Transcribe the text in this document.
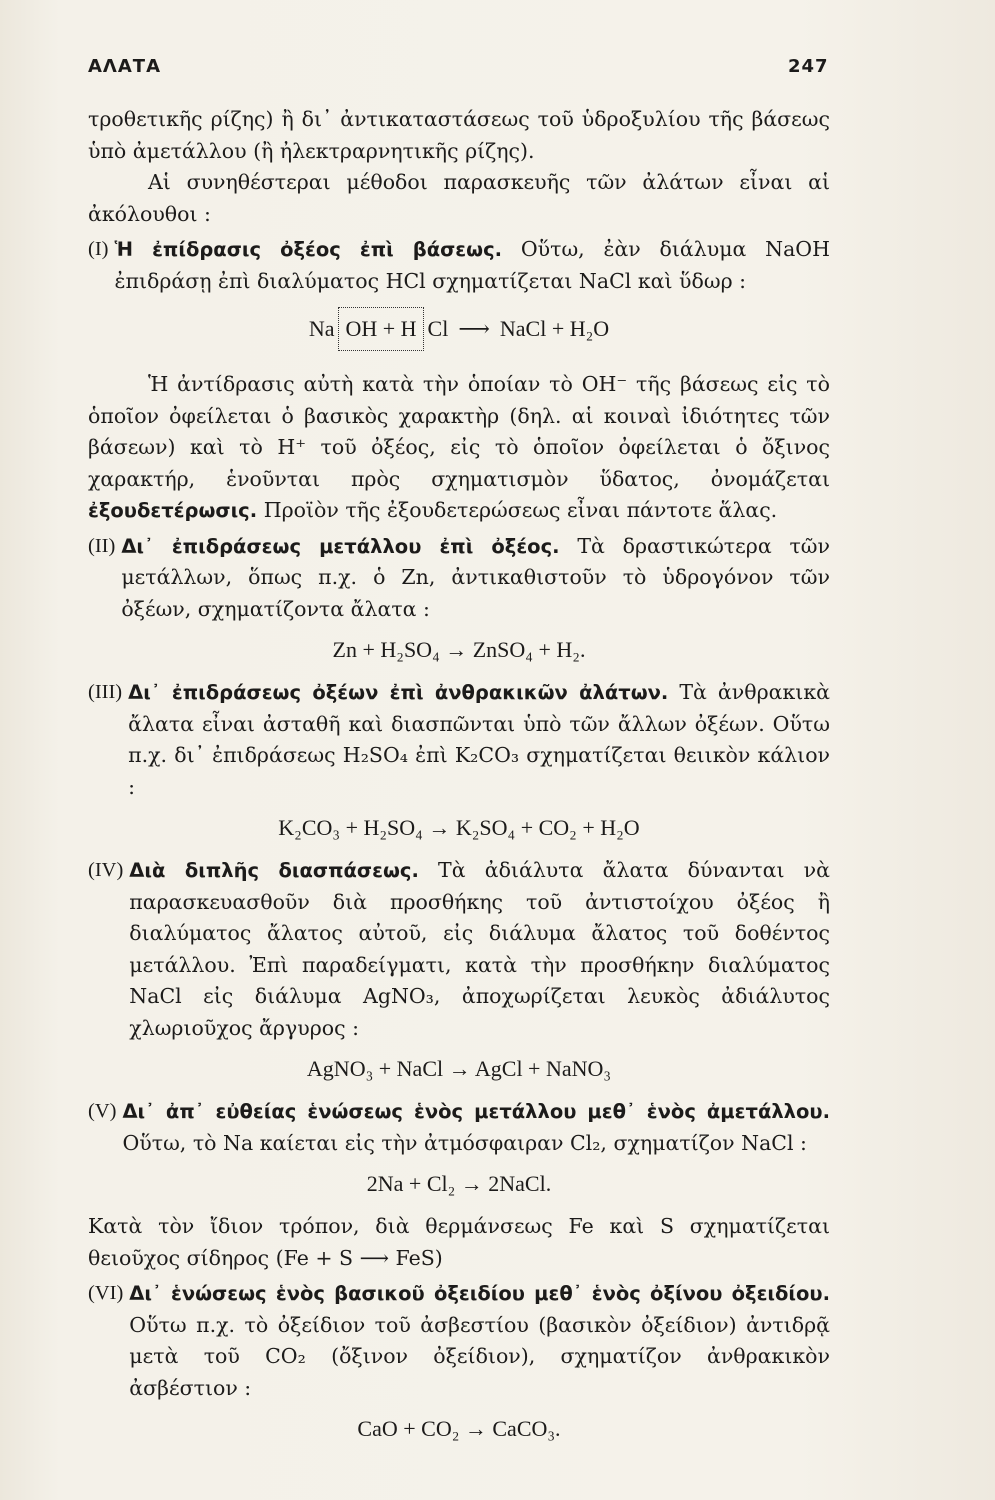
ΑΛΑΤΑ	247

τροθετικῆς ρίζης) ἢ δι᾿ ἀντικαταστάσεως τοῦ ὑδροξυλίου τῆς βάσεως ὑπὸ ἀμετάλλου (ἢ ἠλεκτραρνητικῆς ρίζης).

Αἱ συνηθέστεραι μέθοδοι παρασκευῆς τῶν ἀλάτων εἶναι αἱ ἀκόλουθοι :

(I) Ἡ ἐπίδρασις ὀξέος ἐπὶ βάσεως. Οὕτω, ἐὰν διάλυμα NaOH ἐπιδράσῃ ἐπὶ διαλύματος HCl σχηματίζεται NaCl καὶ ὕδωρ :

Na OH + H Cl ⟶ NaCl + H₂O

Ἡ ἀντίδρασις αὐτὴ κατὰ τὴν ὁποίαν τὸ OH⁻ τῆς βάσεως εἰς τὸ ὁποῖον ὀφείλεται ὁ βασικὸς χαρακτὴρ (δηλ. αἱ κοιναὶ ἰδιότητες τῶν βάσεων) καὶ τὸ H⁺ τοῦ ὀξέος, εἰς τὸ ὁποῖον ὀφείλεται ὁ ὄξινος χαρακτήρ, ἑνοῦνται πρὸς σχηματισμὸν ὕδατος, ὀνομάζεται ἐξουδετέρωσις. Προϊὸν τῆς ἐξουδετερώσεως εἶναι πάντοτε ἅλας.

(II) Δι᾿ ἐπιδράσεως μετάλλου ἐπὶ ὀξέος. Τὰ δραστικώτερα τῶν μετάλλων, ὅπως π.χ. ὁ Zn, ἀντικαθιστοῦν τὸ ὑδρογόνον τῶν ὀξέων, σχηματίζοντα ἄλατα :

Zn + H₂SO₄ → ZnSO₄ + H₂.
(III) Δι᾿ ἐπιδράσεως ὀξέων ἐπὶ ἀνθρακικῶν ἀλάτων. Τὰ ἀνθρακικὰ ἄλατα εἶναι ἀσταθῆ καὶ διασπῶνται ὑπὸ τῶν ἄλλων ὀξέων. Οὕτω π.χ. δι᾿ ἐπιδράσεως H₂SO₄ ἐπὶ K₂CO₃ σχηματίζεται θειικὸν κάλιον :

K₂CO₃ + H₂SO₄ → K₂SO₄ + CO₂ + H₂O
(IV) Διὰ διπλῆς διασπάσεως. Τὰ ἀδιάλυτα ἄλατα δύνανται νὰ παρασκευασθοῦν διὰ προσθήκης τοῦ ἀντιστοίχου ὀξέος ἢ διαλύματος ἄλατος αὐτοῦ, εἰς διάλυμα ἄλατος τοῦ δοθέντος μετάλλου. Ἐπὶ παραδείγματι, κατὰ τὴν προσθήκην διαλύματος NaCl εἰς διάλυμα AgNO₃, ἀποχωρίζεται λευκὸς ἀδιάλυτος χλωριοῦχος ἄργυρος :

AgNO₃ + NaCl → AgCl + NaNO₃
(V) Δι᾿ ἀπ᾿ εὐθείας ἑνώσεως ἑνὸς μετάλλου μεθ᾿ ἑνὸς ἀμετάλλου. Οὕτω, τὸ Na καίεται εἰς τὴν ἀτμόσφαιραν Cl₂, σχηματίζον NaCl :

2Na + Cl₂ → 2NaCl.

Κατὰ τὸν ἴδιον τρόπον, διὰ θερμάνσεως Fe καὶ S σχηματίζεται θειοῦχος σίδηρος (Fe + S ⟶ FeS)

(VI) Δι᾿ ἑνώσεως ἑνὸς βασικοῦ ὀξειδίου μεθ᾿ ἑνὸς ὀξίνου ὀξειδίου. Οὕτω π.χ. τὸ ὀξείδιον τοῦ ἀσβεστίου (βασικὸν ὀξείδιον) ἀντιδρᾷ μετὰ τοῦ CO₂ (ὄξινον ὀξείδιον), σχηματίζον ἀνθρακικὸν ἀσβέστιον :

CaO + CO₂ → CaCO₃.
